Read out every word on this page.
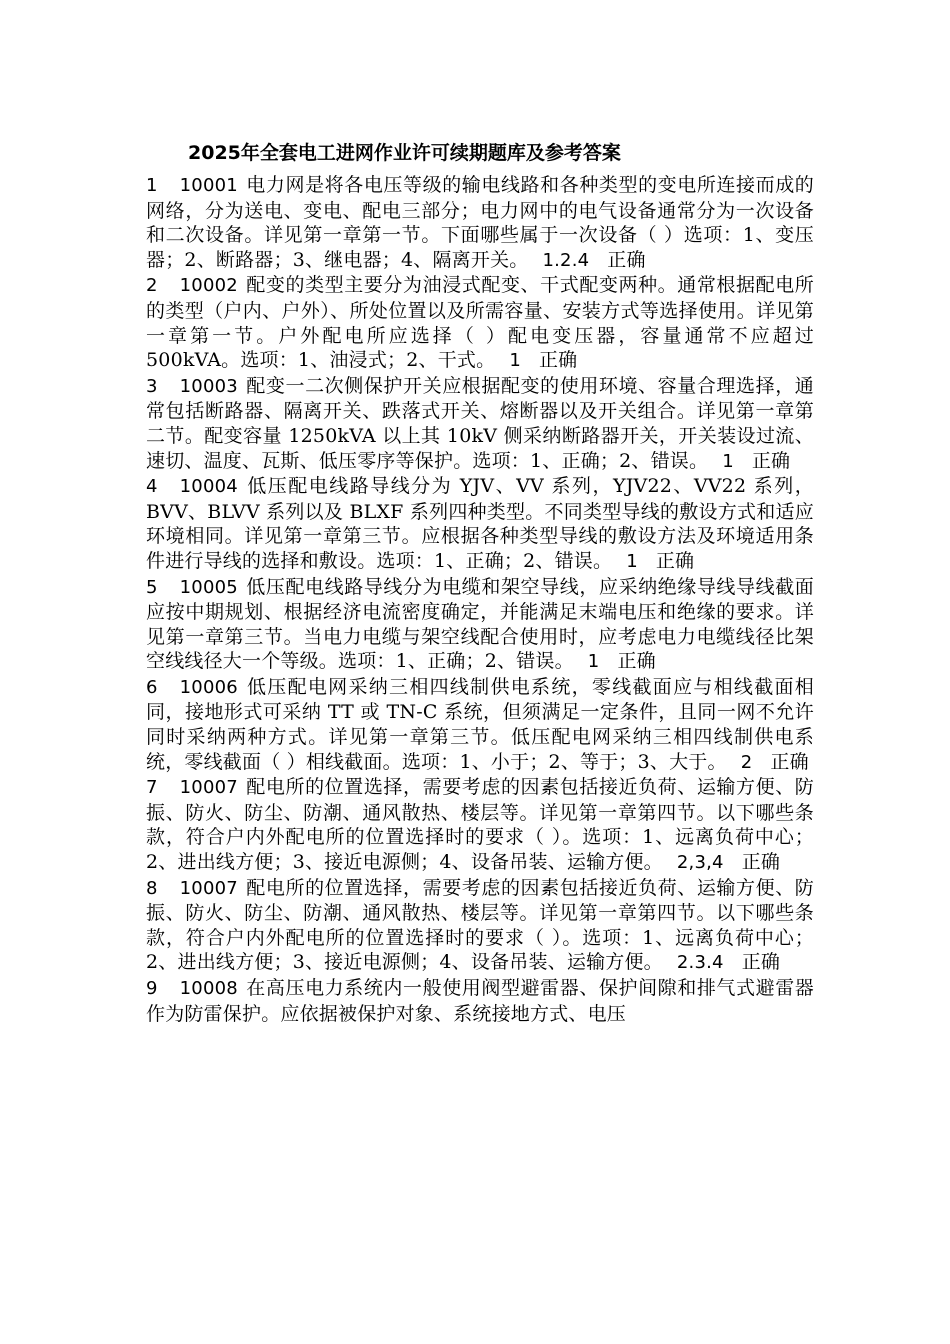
2025年全套电工进网作业许可续期题库及参考答案

1 10001 电力网是将各电压等级的输电线路和各种类型的变电所连接而成的网络，分为送电、变电、配电三部分；电力网中的电气设备通常分为一次设备和二次设备。详见第一章第一节。下面哪些属于一次设备（ ）选项：1、变压器；2、断路器；3、继电器；4、隔离开关。 1.2.4 正确

2 10002 配变的类型主要分为油浸式配变、干式配变两种。通常根据配电所的类型（户内、户外）、所处位置以及所需容量、安装方式等选择使用。详见第一章第一节。户外配电所应选择（ ）配电变压器，容量通常不应超过 500kVA。选项：1、油浸式；2、干式。 1 正确

3 10003 配变一二次侧保护开关应根据配变的使用环境、容量合理选择，通常包括断路器、隔离开关、跌落式开关、熔断器以及开关组合。详见第一章第二节。配变容量 1250kVA 以上其 10kV 侧采纳断路器开关，开关装设过流、速切、温度、瓦斯、低压零序等保护。选项：1、正确；2、错误。 1 正确

4 10004 低压配电线路导线分为 YJV、VV 系列，YJV22、VV22 系列，BVV、BLVV 系列以及 BLXF 系列四种类型。不同类型导线的敷设方式和适应环境相同。详见第一章第三节。应根据各种类型导线的敷设方法及环境适用条件进行导线的选择和敷设。选项：1、正确；2、错误。 1 正确

5 10005 低压配电线路导线分为电缆和架空导线，应采纳绝缘导线导线截面应按中期规划、根据经济电流密度确定，并能满足末端电压和绝缘的要求。详见第一章第三节。当电力电缆与架空线配合使用时，应考虑电力电缆线径比架空线线径大一个等级。选项：1、正确；2、错误。 1 正确

6 10006 低压配电网采纳三相四线制供电系统，零线截面应与相线截面相同，接地形式可采纳 TT 或 TN-C 系统，但须满足一定条件，且同一网不允许同时采纳两种方式。详见第一章第三节。低压配电网采纳三相四线制供电系统，零线截面（ ）相线截面。选项：1、小于；2、等于；3、大于。 2 正确

7 10007 配电所的位置选择，需要考虑的因素包括接近负荷、运输方便、防振、防火、防尘、防潮、通风散热、楼层等。详见第一章第四节。以下哪些条款，符合户内外配电所的位置选择时的要求（ ）。选项：1、远离负荷中心；2、进出线方便；3、接近电源侧；4、设备吊装、运输方便。 2,3,4 正确

8 10007 配电所的位置选择，需要考虑的因素包括接近负荷、运输方便、防振、防火、防尘、防潮、通风散热、楼层等。详见第一章第四节。以下哪些条款，符合户内外配电所的位置选择时的要求（ ）。选项：1、远离负荷中心；2、进出线方便；3、接近电源侧；4、设备吊装、运输方便。 2.3.4 正确

9 10008 在高压电力系统内一般使用阀型避雷器、保护间隙和排气式避雷器作为防雷保护。应依据被保护对象、系统接地方式、电压
